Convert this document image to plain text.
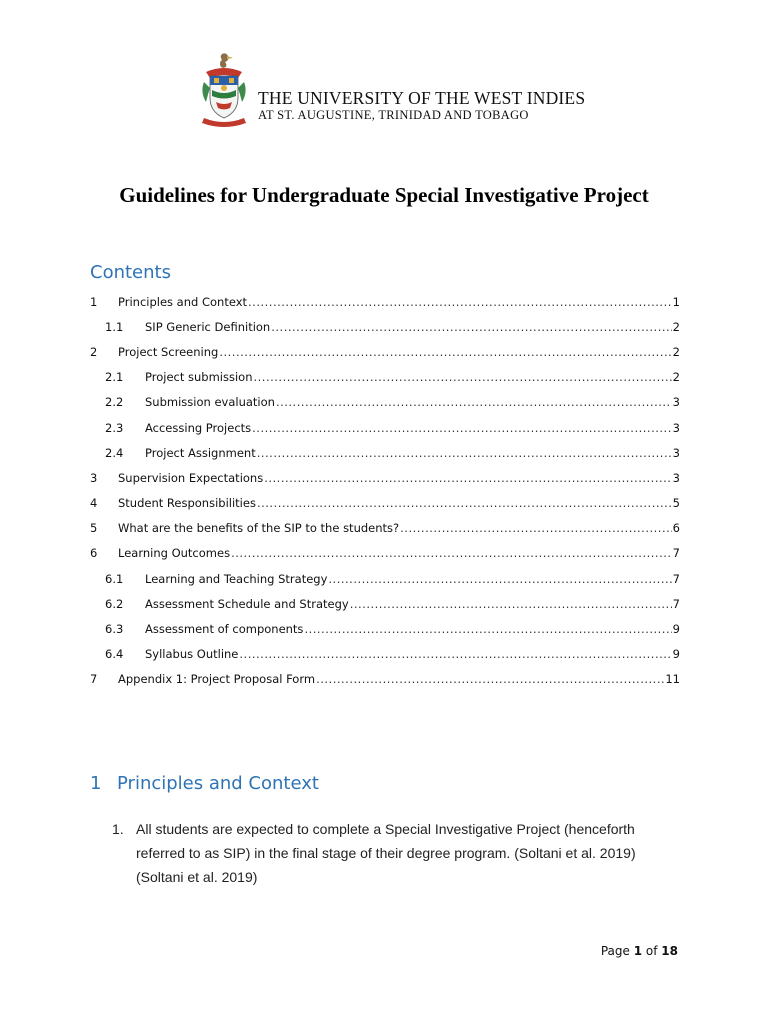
THE UNIVERSITY OF THE WEST INDIES
AT ST. AUGUSTINE, TRINIDAD AND TOBAGO
Guidelines for Undergraduate Special Investigative Project
Contents
1	Principles and Context .....	1
1.1	SIP Generic Definition .....	2
2	Project Screening .....	2
2.1	Project submission .....	2
2.2	Submission evaluation .....	3
2.3	Accessing Projects .....	3
2.4	Project Assignment .....	3
3	Supervision Expectations .....	3
4	Student Responsibilities .....	5
5	What are the benefits of the SIP to the students? .....	6
6	Learning Outcomes .....	7
6.1	Learning and Teaching Strategy .....	7
6.2	Assessment Schedule and Strategy .....	7
6.3	Assessment of components .....	9
6.4	Syllabus Outline .....	9
7	Appendix 1: Project Proposal Form .....	11
1 Principles and Context
1. All students are expected to complete a Special Investigative Project (henceforth referred to as SIP) in the final stage of their degree program. (Soltani et al. 2019) (Soltani et al. 2019)
Page 1 of 18
